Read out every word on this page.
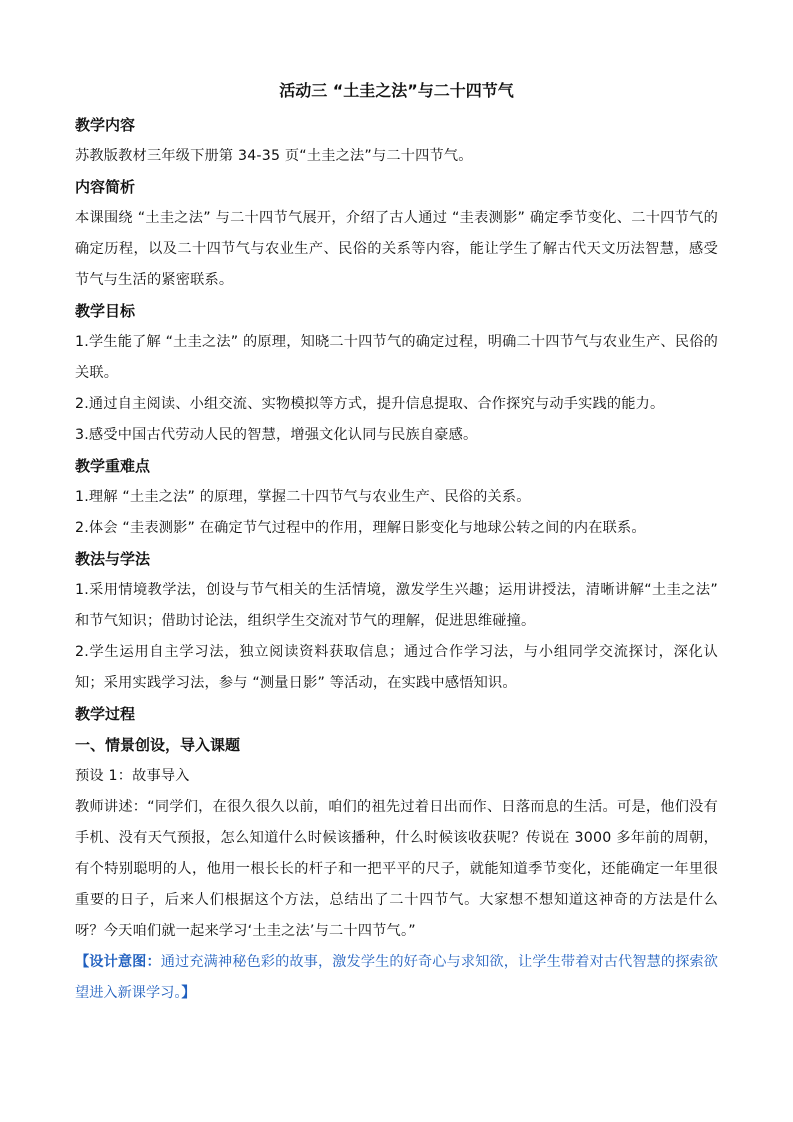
活动三 “土圭之法”与二十四节气
教学内容
苏教版教材三年级下册第 34-35 页“土圭之法”与二十四节气。
内容简析
本课围绕 “土圭之法” 与二十四节气展开，介绍了古人通过 “圭表测影” 确定季节变化、二十四节气的确定历程，以及二十四节气与农业生产、民俗的关系等内容，能让学生了解古代天文历法智慧，感受节气与生活的紧密联系。
教学目标
1.学生能了解 “土圭之法” 的原理，知晓二十四节气的确定过程，明确二十四节气与农业生产、民俗的关联。
2.通过自主阅读、小组交流、实物模拟等方式，提升信息提取、合作探究与动手实践的能力。
3.感受中国古代劳动人民的智慧，增强文化认同与民族自豪感。
教学重难点
1.理解 “土圭之法” 的原理，掌握二十四节气与农业生产、民俗的关系。
2.体会 “圭表测影” 在确定节气过程中的作用，理解日影变化与地球公转之间的内在联系。
教法与学法
1.采用情境教学法，创设与节气相关的生活情境，激发学生兴趣；运用讲授法，清晰讲解“土圭之法” 和节气知识；借助讨论法，组织学生交流对节气的理解，促进思维碰撞。
2.学生运用自主学习法，独立阅读资料获取信息；通过合作学习法，与小组同学交流探讨，深化认知；采用实践学习法，参与 “测量日影” 等活动，在实践中感悟知识。
教学过程
一、情景创设，导入课题
预设 1：故事导入
教师讲述：“同学们，在很久很久以前，咱们的祖先过着日出而作、日落而息的生活。可是，他们没有手机、没有天气预报，怎么知道什么时候该播种，什么时候该收获呢？传说在 3000 多年前的周朝，有个特别聪明的人，他用一根长长的杆子和一把平平的尺子，就能知道季节变化，还能确定一年里很重要的日子，后来人们根据这个方法，总结出了二十四节气。大家想不想知道这神奇的方法是什么呀？今天咱们就一起来学习‘土圭之法’与二十四节气。”
【设计意图：通过充满神秘色彩的故事，激发学生的好奇心与求知欲，让学生带着对古代智慧的探索欲望进入新课学习。】
